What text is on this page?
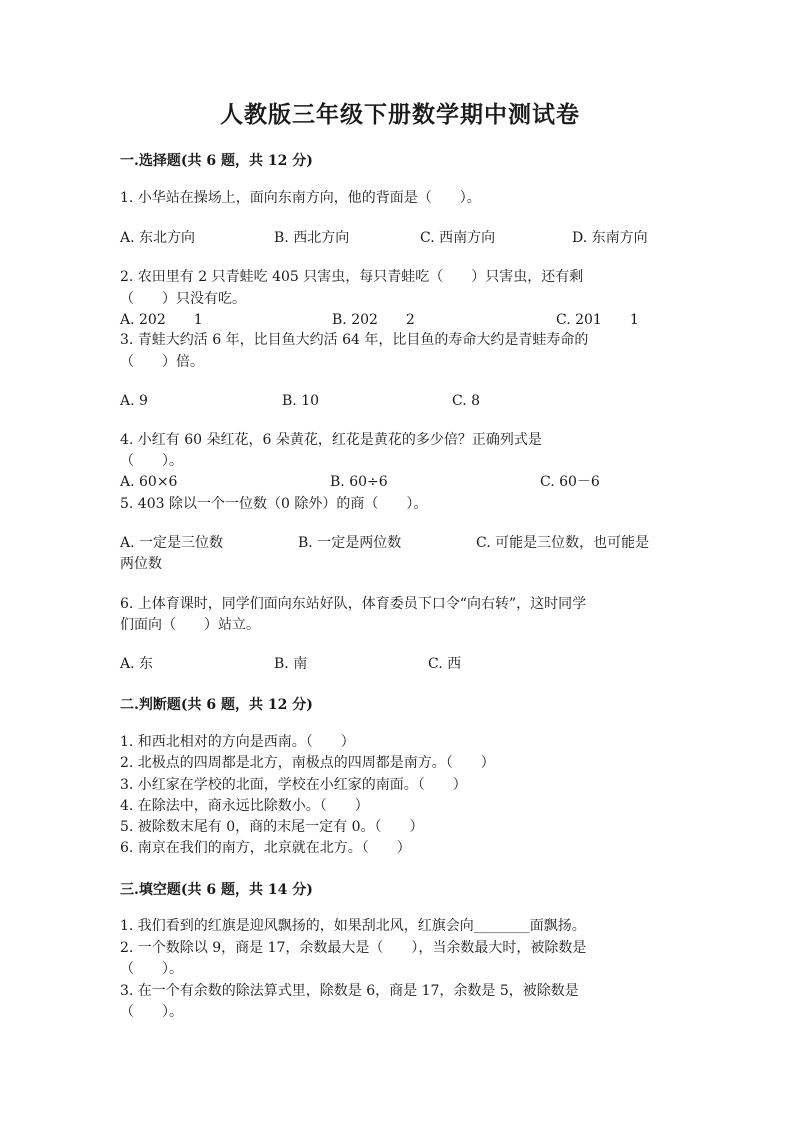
人教版三年级下册数学期中测试卷
一.选择题(共 6 题，共 12 分)
1. 小华站在操场上，面向东南方向，他的背面是（　　）。
A. 东北方向	B. 西北方向	C. 西南方向	D. 东南方向
2. 农田里有 2 只青蛙吃 405 只害虫，每只青蛙吃（　　）只害虫，还有剩
（　　）只没有吃。
A. 202　　1	B. 202　　2	C. 201　　1
3. 青蛙大约活 6 年，比目鱼大约活 64 年，比目鱼的寿命大约是青蛙寿命的
（　　）倍。
A. 9	B. 10	C. 8
4. 小红有 60 朵红花，6 朵黄花，红花是黄花的多少倍？正确列式是
（　　）。
A. 60×6	B. 60÷6	C. 60－6
5. 403 除以一个一位数（0 除外）的商（　　）。
A. 一定是三位数	B. 一定是两位数	C. 可能是三位数，也可能是
两位数
6. 上体育课时，同学们面向东站好队，体育委员下口令“向右转”，这时同学
们面向（　　）站立。
A. 东	B. 南	C. 西
二.判断题(共 6 题，共 12 分)
1. 和西北相对的方向是西南。（　　）
2. 北极点的四周都是北方，南极点的四周都是南方。（　　）
3. 小红家在学校的北面，学校在小红家的南面。（　　）
4. 在除法中，商永远比除数小。（　　）
5. 被除数末尾有 0，商的末尾一定有 0。（　　）
6. 南京在我们的南方，北京就在北方。（　　）
三.填空题(共 6 题，共 14 分)
1. 我们看到的红旗是迎风飘扬的，如果刮北风，红旗会向________面飘扬。
2. 一个数除以 9，商是 17，余数最大是（　　），当余数最大时，被除数是
（　　）。
3. 在一个有余数的除法算式里，除数是 6，商是 17，余数是 5，被除数是
（　　）。
